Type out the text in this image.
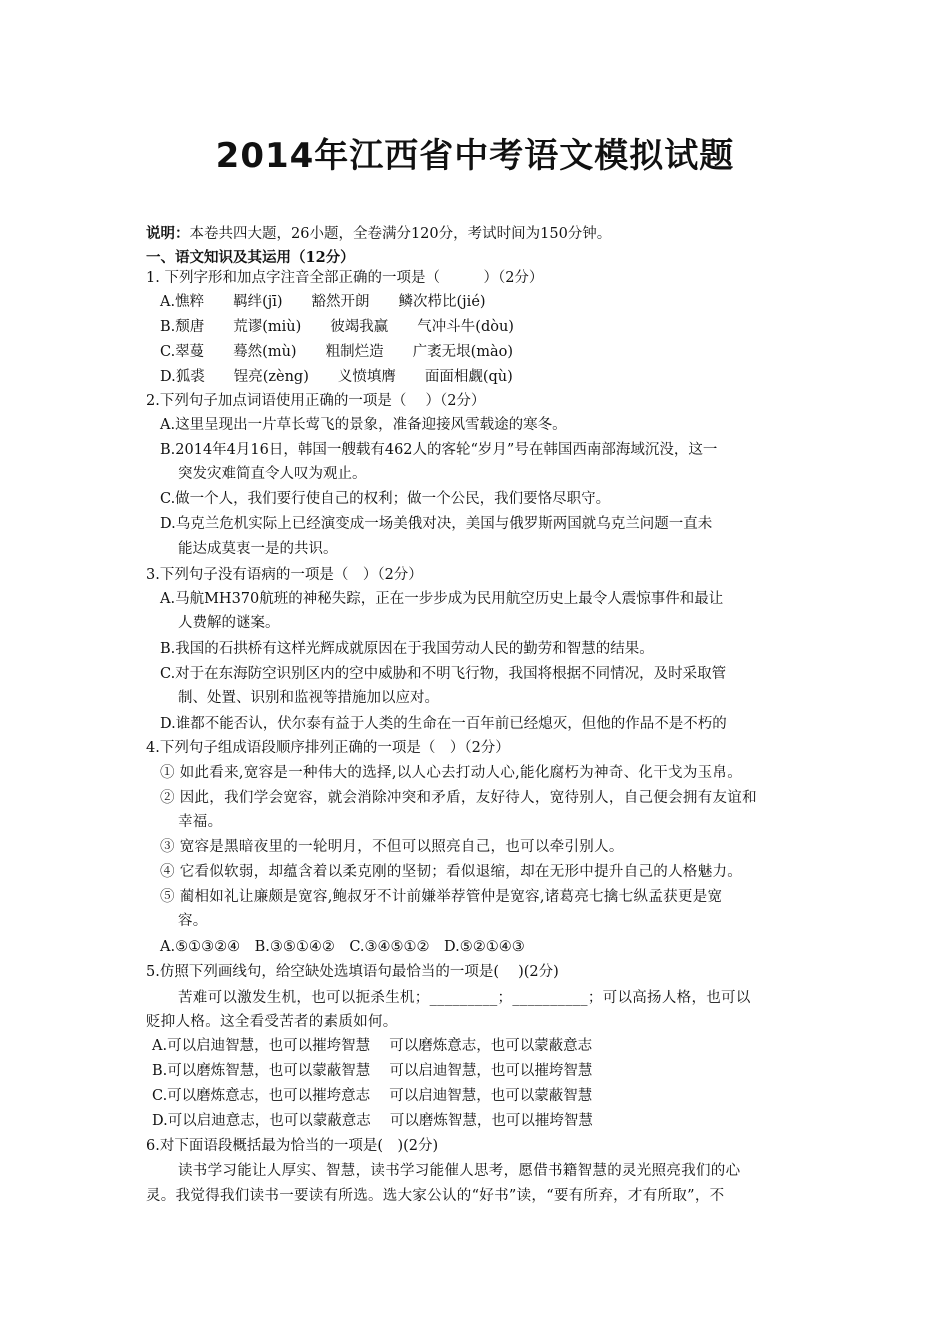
2014年江西省中考语文模拟试题
说明：本卷共四大题，26小题，全卷满分120分，考试时间为150分钟。
一、语文知识及其运用（12分）
1. 下列字形和加点字注音全部正确的一项是（　　　）（2分）
A.憔粹　　羁绊(jī)　　豁然开朗　　鳞次栉比(jié)
B.颓唐　　荒谬(miù)　　彼竭我赢　　气冲斗牛(dòu)
C.翠蔓　　蓦然(mù)　　粗制烂造　　广袤无垠(mào)
D.狐裘　　锃亮(zèng)　　义愤填膺　　面面相觑(qù)
2.下列句子加点词语使用正确的一项是（　 ）（2分）
A.这里呈现出一片草长莺飞的景象，准备迎接风雪载途的寒冬。
B.2014年4月16日，韩国一艘载有462人的客轮“岁月”号在韩国西南部海域沉没，这一
突发灾难简直令人叹为观止。
C.做一个人，我们要行使自己的权利；做一个公民，我们要恪尽职守。
D.乌克兰危机实际上已经演变成一场美俄对决，美国与俄罗斯两国就乌克兰问题一直未
能达成莫衷一是的共识。
3.下列句子没有语病的一项是（　）（2分）
A.马航MH370航班的神秘失踪，正在一步步成为民用航空历史上最令人震惊事件和最让
人费解的谜案。
B.我国的石拱桥有这样光辉成就原因在于我国劳动人民的勤劳和智慧的结果。
C.对于在东海防空识别区内的空中威胁和不明飞行物，我国将根据不同情况，及时采取管
制、处置、识别和监视等措施加以应对。
D.谁都不能否认，伏尔泰有益于人类的生命在一百年前已经熄灭，但他的作品不是不朽的
4.下列句子组成语段顺序排列正确的一项是（　）（2分）
① 如此看来,宽容是一种伟大的选择,以人心去打动人心,能化腐朽为神奇、化干戈为玉帛。
② 因此，我们学会宽容，就会消除冲突和矛盾，友好待人，宽待别人，自己便会拥有友谊和
幸福。
③ 宽容是黑暗夜里的一轮明月，不但可以照亮自己，也可以牵引别人。
④ 它看似软弱，却蕴含着以柔克刚的坚韧；看似退缩，却在无形中提升自己的人格魅力。
⑤ 蔺相如礼让廉颇是宽容,鲍叔牙不计前嫌举荐管仲是宽容,诸葛亮七擒七纵孟获更是宽
容。
A.⑤①③②④　B.③⑤①④②　C.③④⑤①②　D.⑤②①④③
5.仿照下列画线句，给空缺处选填语句最恰当的一项是(　 )(2分)
苦难可以激发生机，也可以扼杀生机；_________；__________；可以高扬人格，也可以
贬抑人格。这全看受苦者的素质如何。
A.可以启迪智慧，也可以摧垮智慧　 可以磨炼意志，也可以蒙蔽意志
B.可以磨炼智慧，也可以蒙蔽智慧　 可以启迪智慧，也可以摧垮智慧
C.可以磨炼意志，也可以摧垮意志　 可以启迪智慧，也可以蒙蔽智慧
D.可以启迪意志，也可以蒙蔽意志　 可以磨炼智慧，也可以摧垮智慧
6.对下面语段概括最为恰当的一项是(　)(2分)
读书学习能让人厚实、智慧，读书学习能催人思考，愿借书籍智慧的灵光照亮我们的心
灵。我觉得我们读书一要读有所选。选大家公认的“好书”读，“要有所弃，才有所取”，不
